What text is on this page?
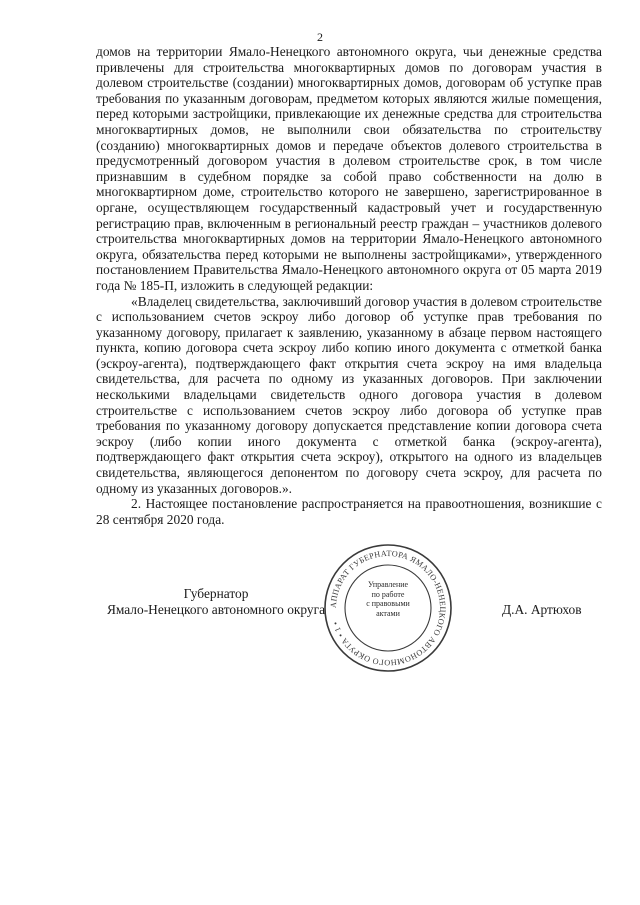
2

домов на территории Ямало-Ненецкого автономного округа, чьи денежные средства привлечены для строительства многоквартирных домов по договорам участия в долевом строительстве (создании) многоквартирных домов, договорам об уступке прав требования по указанным договорам, предметом которых являются жилые помещения, перед которыми застройщики, привлекающие их денежные средства для строительства многоквартирных домов, не выполнили свои обязательства по строительству (созданию) многоквартирных домов и передаче объектов долевого строительства в предусмотренный договором участия в долевом строительстве срок, в том числе признавшим в судебном порядке за собой право собственности на долю в многоквартирном доме, строительство которого не завершено, зарегистрированное в органе, осуществляющем государственный кадастровый учет и государственную регистрацию прав, включенным в региональный реестр граждан – участников долевого строительства многоквартирных домов на территории Ямало-Ненецкого автономного округа, обязательства перед которыми не выполнены застройщиками», утвержденного постановлением Правительства Ямало-Ненецкого автономного округа от 05 марта 2019 года № 185-П, изложить в следующей редакции:

«Владелец свидетельства, заключивший договор участия в долевом строительстве с использованием счетов эскроу либо договор об уступке прав требования по указанному договору, прилагает к заявлению, указанному в абзаце первом настоящего пункта, копию договора счета эскроу либо копию иного документа с отметкой банка (эскроу-агента), подтверждающего факт открытия счета эскроу на имя владельца свидетельства, для расчета по одному из указанных договоров. При заключении несколькими владельцами свидетельств одного договора участия в долевом строительстве с использованием счетов эскроу либо договора об уступке прав требования по указанному договору допускается представление копии договора счета эскроу (либо копии иного документа с отметкой банка (эскроу-агента), подтверждающего факт открытия счета эскроу), открытого на одного из владельцев свидетельства, являющегося депонентом по договору счета эскроу, для расчета по одному из указанных договоров.».

2. Настоящее постановление распространяется на правоотношения, возникшие с 28 сентября 2020 года.

Губернатор
Ямало-Ненецкого автономного округа АППАРАТ ГУБЕРНАТОРА ЯМАЛО-НЕНЕЦКОГО АВТОНОМНОГО ОКРУГА • 1 •
Управление
по работе
с правовыми
актами	Д.А. Артюхов
